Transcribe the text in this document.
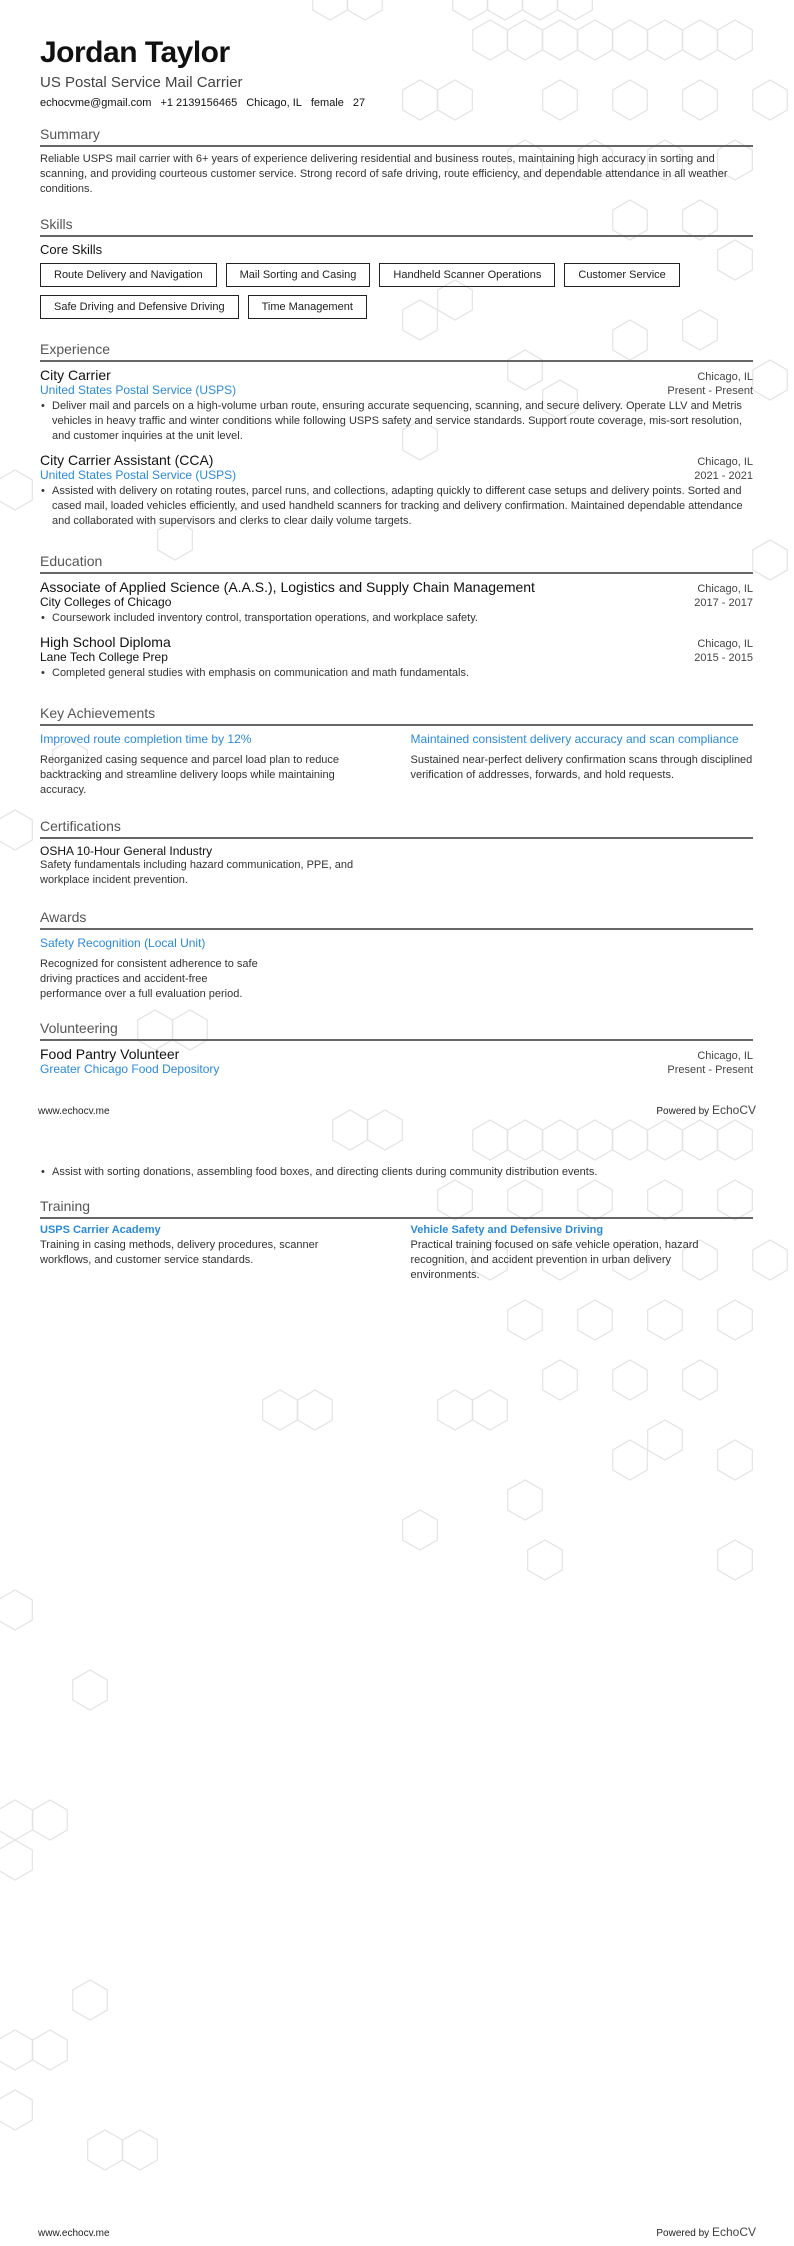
Jordan Taylor
US Postal Service Mail Carrier
echocvme@gmail.com +1 2139156465 Chicago, IL female 27
Summary
Reliable USPS mail carrier with 6+ years of experience delivering residential and business routes, maintaining high accuracy in sorting and scanning, and providing courteous customer service. Strong record of safe driving, route efficiency, and dependable attendance in all weather conditions.
Skills
Core Skills
Route Delivery and Navigation	Mail Sorting and Casing	Handheld Scanner Operations	Customer Service
Safe Driving and Defensive Driving	Time Management
Experience
City Carrier	Chicago, IL
United States Postal Service (USPS)	Present - Present
• Deliver mail and parcels on a high-volume urban route, ensuring accurate sequencing, scanning, and secure delivery. Operate LLV and Metris vehicles in heavy traffic and winter conditions while following USPS safety and service standards. Support route coverage, mis-sort resolution, and customer inquiries at the unit level.
City Carrier Assistant (CCA)	Chicago, IL
United States Postal Service (USPS)	2021 - 2021
• Assisted with delivery on rotating routes, parcel runs, and collections, adapting quickly to different case setups and delivery points. Sorted and cased mail, loaded vehicles efficiently, and used handheld scanners for tracking and delivery confirmation. Maintained dependable attendance and collaborated with supervisors and clerks to clear daily volume targets.
Education
Associate of Applied Science (A.A.S.), Logistics and Supply Chain Management	Chicago, IL
City Colleges of Chicago	2017 - 2017
• Coursework included inventory control, transportation operations, and workplace safety.
High School Diploma	Chicago, IL
Lane Tech College Prep	2015 - 2015
• Completed general studies with emphasis on communication and math fundamentals.
Key Achievements
Improved route completion time by 12%
Reorganized casing sequence and parcel load plan to reduce backtracking and streamline delivery loops while maintaining accuracy.
Maintained consistent delivery accuracy and scan compliance
Sustained near-perfect delivery confirmation scans through disciplined verification of addresses, forwards, and hold requests.
Certifications
OSHA 10-Hour General Industry
Safety fundamentals including hazard communication, PPE, and workplace incident prevention.
Awards
Safety Recognition (Local Unit)
Recognized for consistent adherence to safe driving practices and accident-free performance over a full evaluation period.
Volunteering
Food Pantry Volunteer	Chicago, IL
Greater Chicago Food Depository	Present - Present
www.echocv.me	Powered by EchoCV
• Assist with sorting donations, assembling food boxes, and directing clients during community distribution events.
Training
USPS Carrier Academy
Training in casing methods, delivery procedures, scanner workflows, and customer service standards.
Vehicle Safety and Defensive Driving
Practical training focused on safe vehicle operation, hazard recognition, and accident prevention in urban delivery environments.
www.echocv.me	Powered by EchoCV
